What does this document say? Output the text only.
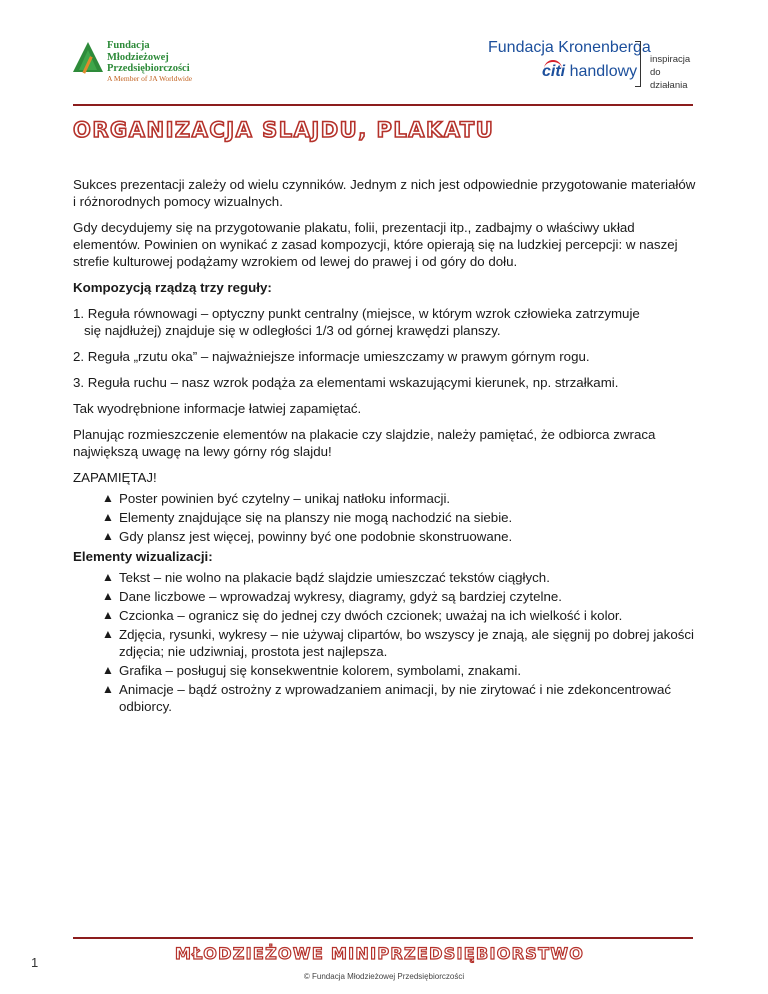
Fundacja
Młodzieżowej
Przedsiębiorczości
A Member of JA Worldwide
Fundacja Kronenberga
citi handlowy
inspiracja
do działania
ORGANIZACJA SLAJDU, PLAKATU

Sukces prezentacji zależy od wielu czynników. Jednym z nich jest odpowiednie przygotowanie materiałów i różnorodnych pomocy wizualnych.

Gdy decydujemy się na przygotowanie plakatu, folii, prezentacji itp., zadbajmy o właściwy układ elementów. Powinien on wynikać z zasad kompozycji, które opierają się na ludzkiej percepcji: w naszej strefie kulturowej podążamy wzrokiem od lewej do prawej i od góry do dołu.

Kompozycją rządzą trzy reguły:

1. Reguła równowagi – optyczny punkt centralny (miejsce, w którym wzrok człowieka zatrzymuje
się najdłużej) znajduje się w odległości 1/3 od górnej krawędzi planszy.
2. Reguła „rzutu oka” – najważniejsze informacje umieszczamy w prawym górnym rogu.
3. Reguła ruchu – nasz wzrok podąża za elementami wskazującymi kierunek, np. strzałkami.

Tak wyodrębnione informacje łatwiej zapamiętać.

Planując rozmieszczenie elementów na plakacie czy slajdzie, należy pamiętać, że odbiorca zwraca największą uwagę na lewy górny róg slajdu!

ZAPAMIĘTAJ!

▲ Poster powinien być czytelny – unikaj natłoku informacji.
▲ Elementy znajdujące się na planszy nie mogą nachodzić na siebie.
▲ Gdy plansz jest więcej, powinny być one podobnie skonstruowane.

Elementy wizualizacji:

▲ Tekst – nie wolno na plakacie bądź slajdzie umieszczać tekstów ciągłych.
▲ Dane liczbowe – wprowadzaj wykresy, diagramy, gdyż są bardziej czytelne.
▲ Czcionka – ogranicz się do jednej czy dwóch czcionek; uważaj na ich wielkość i kolor.
▲ Zdjęcia, rysunki, wykresy – nie używaj clipartów, bo wszyscy je znają, ale sięgnij po dobrej jakości zdjęcia; nie udziwniaj, prostota jest najlepsza.
▲ Grafika – posługuj się konsekwentnie kolorem, symbolami, znakami.
▲ Animacje – bądź ostrożny z wprowadzaniem animacji, by nie zirytować i nie zdekoncentrować odbiorcy.
MŁODZIEŻOWE MINIPRZEDSIĘBIORSTWO
1
© Fundacja Młodzieżowej Przedsiębiorczości
